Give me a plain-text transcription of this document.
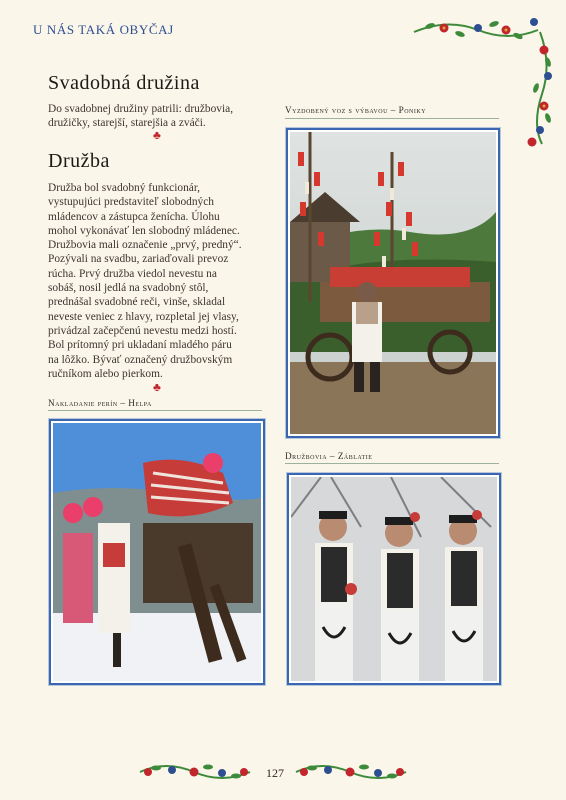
U NÁS TAKÁ OBYČAJ
Svadobná družina
Do svadobnej družiny patrili: družbovia, družičky, starejší, starejšia a zváči.
♣
Družba
Družba bol svadobný funkcionár,
vystupujúci predstaviteľ slobodných
mládencov a zástupca ženícha. Úlohu
mohol vykonávať len slobodný mládenec.
Družbovia mali označenie „prvý, predný“.
Pozývali na svadbu, zariaďovali prevoz
rúcha. Prvý družba viedol nevestu na
sobáš, nosil jedlá na svadobný stôl,
prednášal svadobné reči, vinše, skladal
neveste veniec z hlavy, rozpletal jej vlasy,
privádzal začepčenú nevestu medzi hostí.
Bol prítomný pri ukladaní mladého páru
na lôžko. Bývať označený družbovským
ručníkom alebo pierkom.
♣
Vyzdobený voz s výbavou – Poniky
Nakladanie perín – Helpa
Družbovia – Záblatie
127
